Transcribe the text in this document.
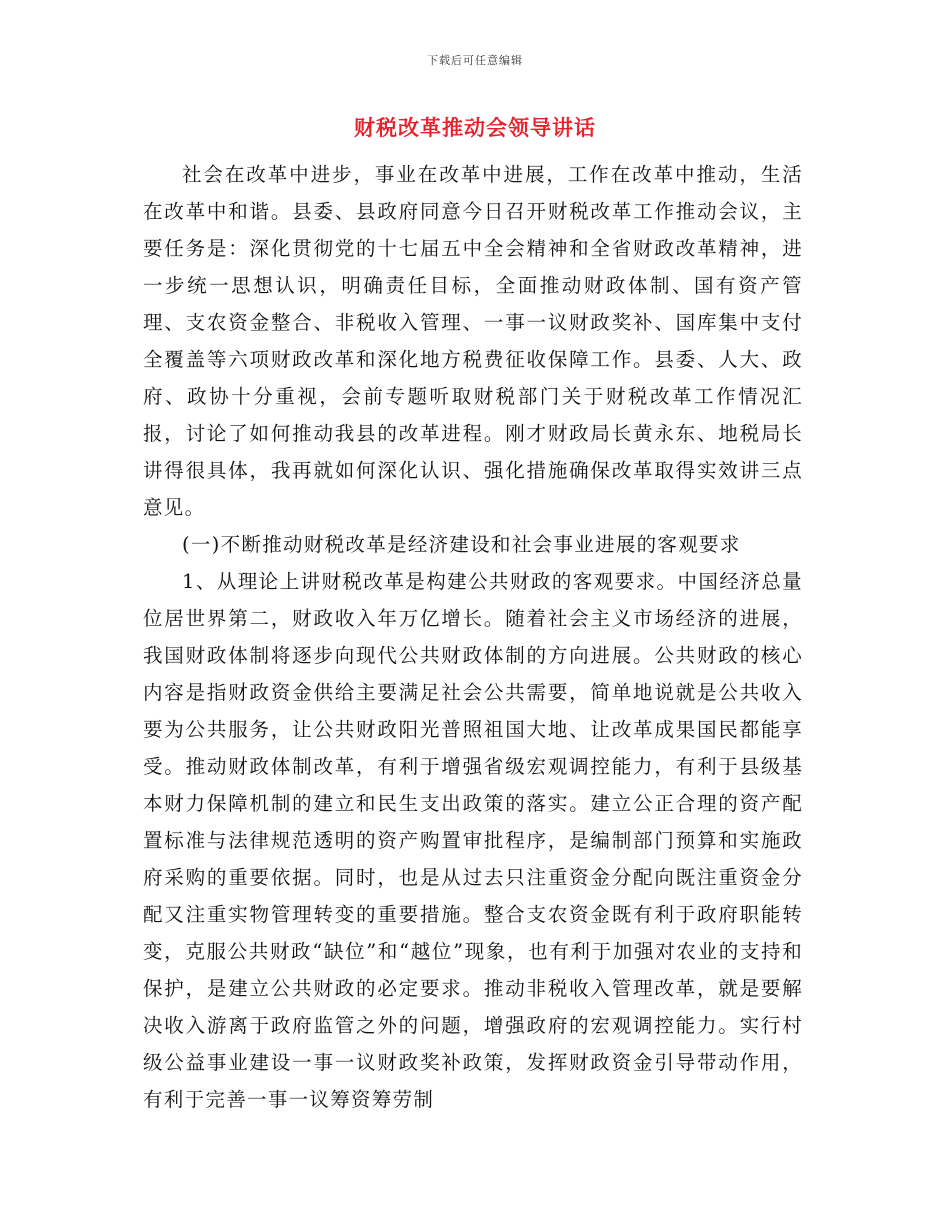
下载后可任意编辑
财税改革推动会领导讲话

社会在改革中进步，事业在改革中进展，工作在改革中推动，生活在改革中和谐。县委、县政府同意今日召开财税改革工作推动会议，主要任务是：深化贯彻党的十七届五中全会精神和全省财政改革精神，进一步统一思想认识，明确责任目标，全面推动财政体制、国有资产管理、支农资金整合、非税收入管理、一事一议财政奖补、国库集中支付全覆盖等六项财政改革和深化地方税费征收保障工作。县委、人大、政府、政协十分重视，会前专题听取财税部门关于财税改革工作情况汇报，讨论了如何推动我县的改革进程。刚才财政局长黄永东、地税局长 讲得很具体，我再就如何深化认识、强化措施确保改革取得实效讲三点意见。

(一)不断推动财税改革是经济建设和社会事业进展的客观要求

1、从理论上讲财税改革是构建公共财政的客观要求。中国经济总量位居世界第二，财政收入年万亿增长。随着社会主义市场经济的进展，我国财政体制将逐步向现代公共财政体制的方向进展。公共财政的核心内容是指财政资金供给主要满足社会公共需要，简单地说就是公共收入要为公共服务，让公共财政阳光普照祖国大地、让改革成果国民都能享受。推动财政体制改革，有利于增强省级宏观调控能力，有利于县级基本财力保障机制的建立和民生支出政策的落实。建立公正合理的资产配置标准与法律规范透明的资产购置审批程序，是编制部门预算和实施政府采购的重要依据。同时，也是从过去只注重资金分配向既注重资金分配又注重实物管理转变的重要措施。整合支农资金既有利于政府职能转变，克服公共财政“缺位”和“越位”现象，也有利于加强对农业的支持和保护，是建立公共财政的必定要求。推动非税收入管理改革，就是要解决收入游离于政府监管之外的问题，增强政府的宏观调控能力。实行村级公益事业建设一事一议财政奖补政策，发挥财政资金引导带动作用，有利于完善一事一议筹资筹劳制
